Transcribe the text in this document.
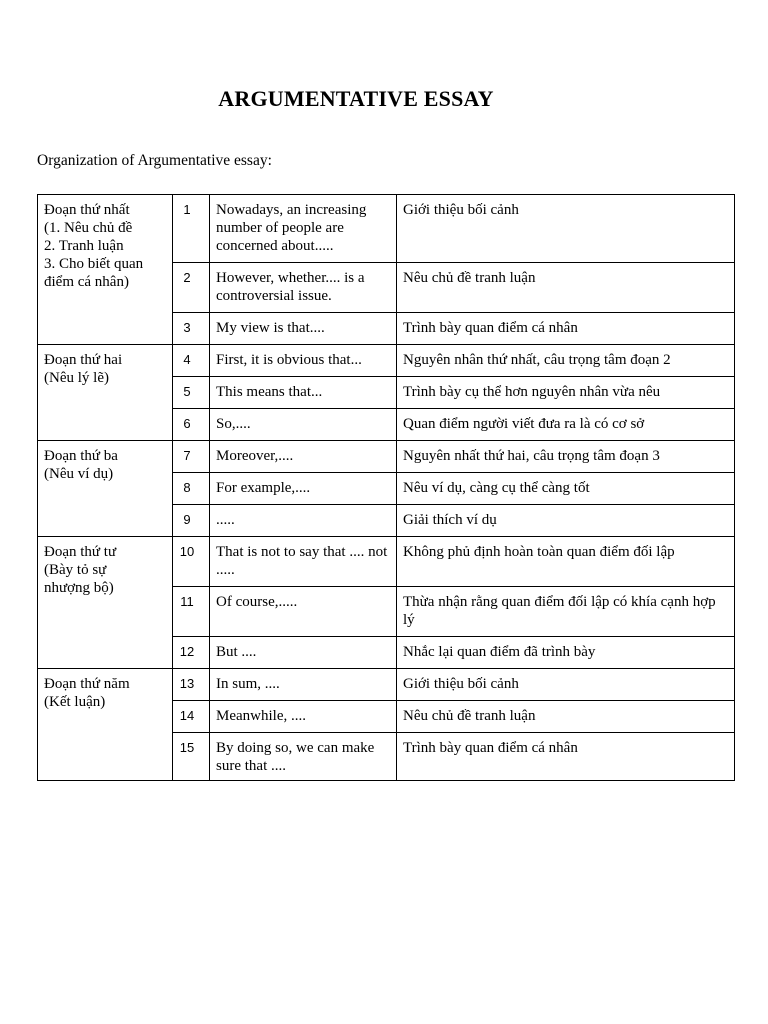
ARGUMENTATIVE ESSAY
Organization of Argumentative essay:
Đoạn thứ nhất
(1. Nêu chủ đề
2. Tranh luận
3. Cho biết quan
điểm cá nhân)	1	Nowadays, an increasing number of people are concerned about.....	Giới thiệu bối cảnh
	2	However, whether.... is a controversial issue.	Nêu chủ đề tranh luận
	3	My view is that....	Trình bày quan điểm cá nhân

Đoạn thứ hai
(Nêu lý lẽ)	4	First, it is obvious that...	Nguyên nhân thứ nhất, câu trọng tâm đoạn 2
	5	This means that...	Trình bày cụ thể hơn nguyên nhân vừa nêu
	6	So,....	Quan điểm người viết đưa ra là có cơ sở

Đoạn thứ ba
(Nêu ví dụ)	7	Moreover,....	Nguyên nhất thứ hai, câu trọng tâm đoạn 3
	8	For example,....	Nêu ví dụ, càng cụ thể càng tốt
	9	.....	Giải thích ví dụ

Đoạn thứ tư
(Bày tỏ sự
nhượng bộ)	10	That is not to say that .... not .....	Không phủ định hoàn toàn quan điểm đối lập
	11	Of course,.....	Thừa nhận rằng quan điểm đối lập có khía cạnh hợp lý
	12	But ....	Nhắc lại quan điểm đã trình bày

Đoạn thứ năm
(Kết luận)	13	In sum, ....	Giới thiệu bối cảnh
	14	Meanwhile, ....	Nêu chủ đề tranh luận
	15	By doing so, we can make sure that ....	Trình bày quan điểm cá nhân
